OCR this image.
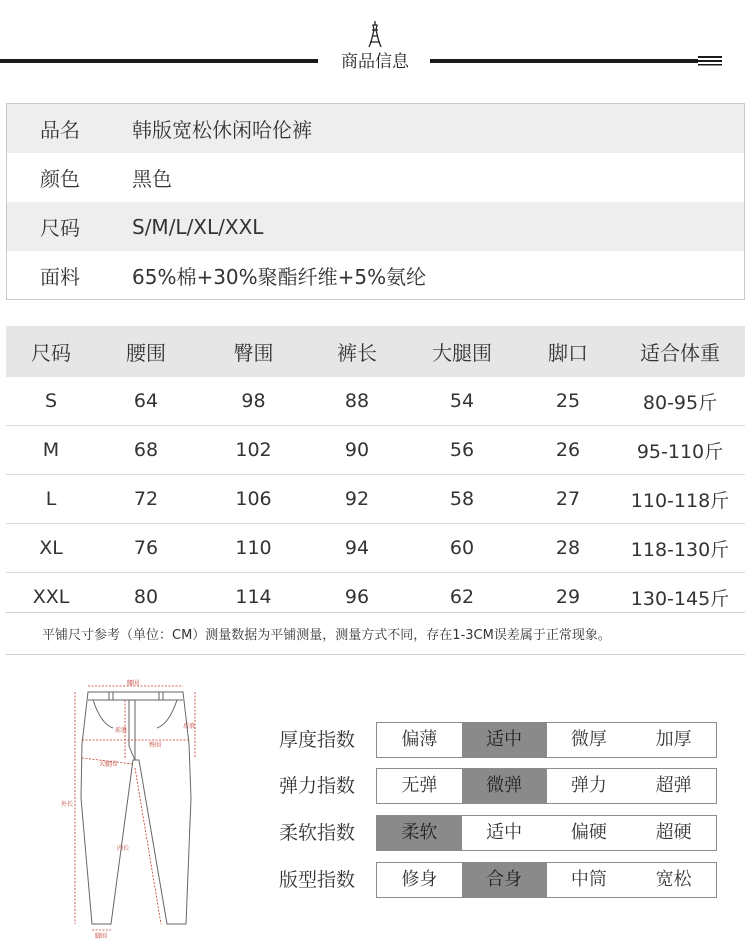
商品信息
品名	韩版宽松休闲哈伦裤
颜色	黑色
尺码	S/M/L/XL/XXL
面料	65%棉+30%聚酯纤维+5%氨纶
尺码	腰围	臀围	裤长	大腿围	脚口	适合体重
S	64	98	88	54	25	80-95斤
M	68	102	90	56	26	95-110斤
L	72	106	92	58	27	110-118斤
XL	76	110	94	60	28	118-130斤
XXL	80	114	96	62	29	130-145斤
平铺尺寸参考（单位：CM）测量数据为平铺测量，测量方式不同，存在1-3CM误差属于正常现象。
腰围
前浪
后浪
臀围
大腿围
外长
内长
脚围
厚度指数	偏薄	适中	微厚	加厚
弹力指数	无弹	微弹	弹力	超弹
柔软指数	柔软	适中	偏硬	超硬
版型指数	修身	合身	中筒	宽松
